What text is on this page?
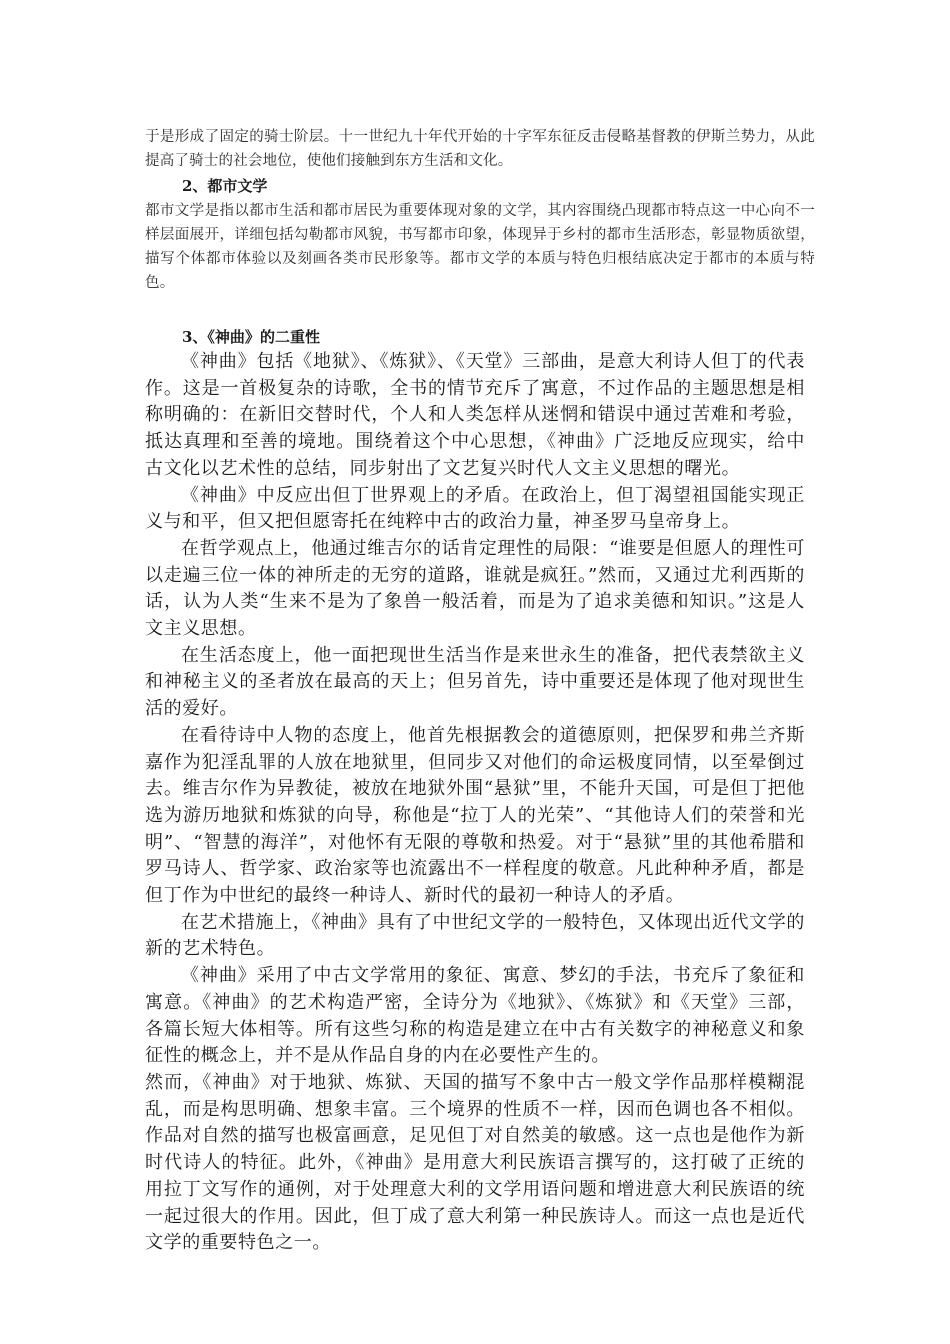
于是形成了固定的骑士阶层。十一世纪九十年代开始的十字军东征反击侵略基督教的伊斯兰势力，从此提高了骑士的社会地位，使他们接触到东方生活和文化。

2、都市文学

都市文学是指以都市生活和都市居民为重要体现对象的文学，其内容围绕凸现都市特点这一中心向不一样层面展开，详细包括勾勒都市风貌，书写都市印象，体现异于乡村的都市生活形态，彰显物质欲望，描写个体都市体验以及刻画各类市民形象等。都市文学的本质与特色归根结底决定于都市的本质与特色。

3、《神曲》的二重性

《神曲》包括《地狱》、《炼狱》、《天堂》三部曲，是意大利诗人但丁的代表作。这是一首极复杂的诗歌，全书的情节充斥了寓意，不过作品的主题思想是相称明确的：在新旧交替时代，个人和人类怎样从迷惘和错误中通过苦难和考验，抵达真理和至善的境地。围绕着这个中心思想，《神曲》广泛地反应现实，给中古文化以艺术性的总结，同步射出了文艺复兴时代人文主义思想的曙光。

《神曲》中反应出但丁世界观上的矛盾。在政治上，但丁渴望祖国能实现正义与和平，但又把但愿寄托在纯粹中古的政治力量，神圣罗马皇帝身上。

在哲学观点上，他通过维吉尔的话肯定理性的局限：“谁要是但愿人的理性可以走遍三位一体的神所走的无穷的道路，谁就是疯狂。”然而，又通过尤利西斯的话，认为人类“生来不是为了象兽一般活着，而是为了追求美德和知识。”这是人文主义思想。

在生活态度上，他一面把现世生活当作是来世永生的准备，把代表禁欲主义和神秘主义的圣者放在最高的天上；但另首先，诗中重要还是体现了他对现世生活的爱好。

在看待诗中人物的态度上，他首先根据教会的道德原则，把保罗和弗兰齐斯嘉作为犯淫乱罪的人放在地狱里，但同步又对他们的命运极度同情，以至晕倒过去。维吉尔作为异教徒，被放在地狱外围“悬狱”里，不能升天国，可是但丁把他选为游历地狱和炼狱的向导，称他是“拉丁人的光荣”、“其他诗人们的荣誉和光明”、“智慧的海洋”，对他怀有无限的尊敬和热爱。对于“悬狱”里的其他希腊和罗马诗人、哲学家、政治家等也流露出不一样程度的敬意。凡此种种矛盾，都是但丁作为中世纪的最终一种诗人、新时代的最初一种诗人的矛盾。

在艺术措施上，《神曲》具有了中世纪文学的一般特色，又体现出近代文学的新的艺术特色。

《神曲》采用了中古文学常用的象征、寓意、梦幻的手法，书充斥了象征和寓意。《神曲》的艺术构造严密，全诗分为《地狱》、《炼狱》和《天堂》三部，各篇长短大体相等。所有这些匀称的构造是建立在中古有关数字的神秘意义和象征性的概念上，并不是从作品自身的内在必要性产生的。

然而，《神曲》对于地狱、炼狱、天国的描写不象中古一般文学作品那样模糊混乱，而是构思明确、想象丰富。三个境界的性质不一样，因而色调也各不相似。作品对自然的描写也极富画意，足见但丁对自然美的敏感。这一点也是他作为新时代诗人的特征。此外，《神曲》是用意大利民族语言撰写的，这打破了正统的用拉丁文写作的通例，对于处理意大利的文学用语问题和增进意大利民族语的统一起过很大的作用。因此，但丁成了意大利第一种民族诗人。而这一点也是近代文学的重要特色之一。
